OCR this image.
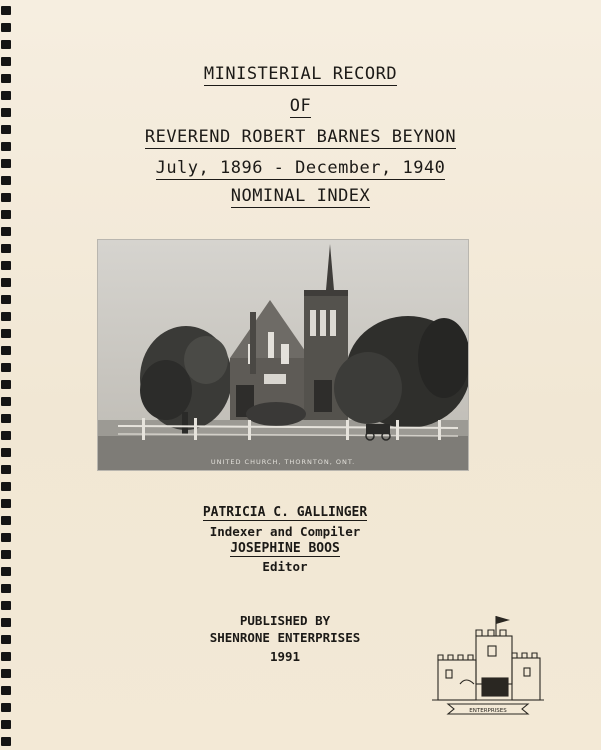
MINISTERIAL RECORD
OF
REVEREND ROBERT BARNES BEYNON
July, 1896 - December, 1940
NOMINAL INDEX
UNITED CHURCH, THORNTON, ONT.
PATRICIA C. GALLINGER
Indexer and Compiler
JOSEPHINE BOOS
Editor
PUBLISHED BY
SHENRONE ENTERPRISES
1991
ENTERPRISES
